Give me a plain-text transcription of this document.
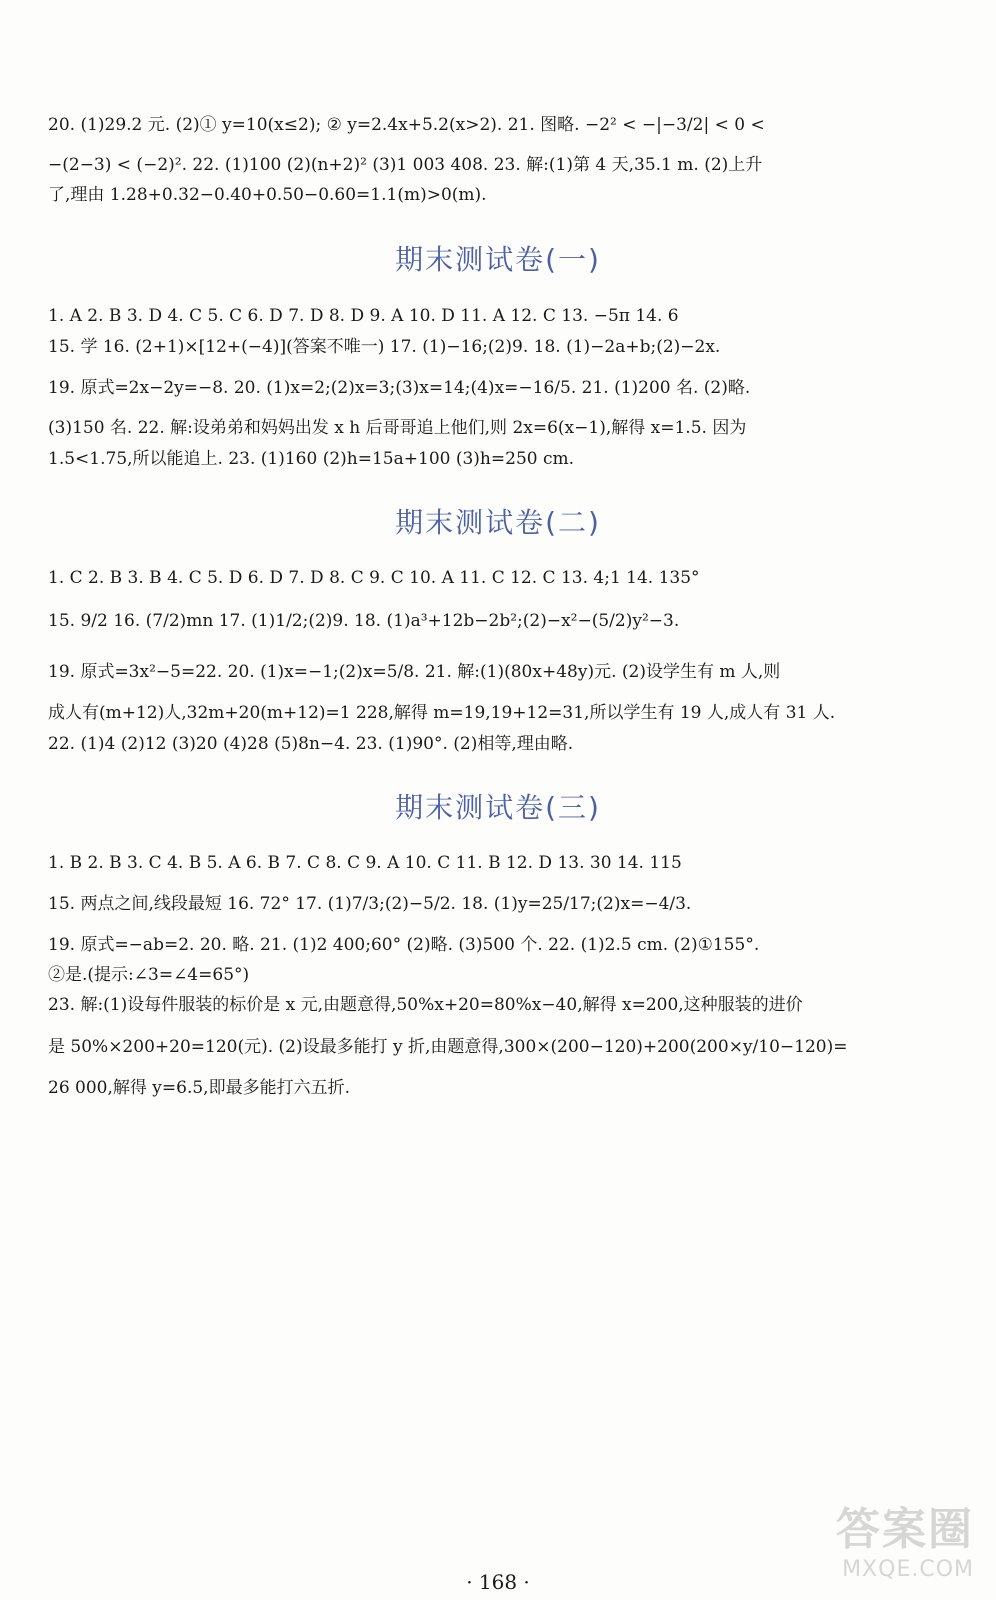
20. (1)29.2 元. (2)① y=10(x≤2); ② y=2.4x+5.2(x>2). 21. 图略. −2² < −|−3/2| < 0 <
−(2−3) < (−2)². 22. (1)100 (2)(n+2)² (3)1 003 408. 23. 解:(1)第 4 天,35.1 m. (2)上升
了,理由 1.28+0.32−0.40+0.50−0.60=1.1(m)>0(m).
期末测试卷(一)
1. A 2. B 3. D 4. C 5. C 6. D 7. D 8. D 9. A 10. D 11. A 12. C 13. −5π 14. 6
15. 学 16. (2+1)×[12+(−4)](答案不唯一) 17. (1)−16;(2)9. 18. (1)−2a+b;(2)−2x.
19. 原式=2x−2y=−8. 20. (1)x=2;(2)x=3;(3)x=14;(4)x=−16/5. 21. (1)200 名. (2)略.
(3)150 名. 22. 解:设弟弟和妈妈出发 x h 后哥哥追上他们,则 2x=6(x−1),解得 x=1.5. 因为
1.5<1.75,所以能追上. 23. (1)160 (2)h=15a+100 (3)h=250 cm.
期末测试卷(二)
1. C 2. B 3. B 4. C 5. D 6. D 7. D 8. C 9. C 10. A 11. C 12. C 13. 4;1 14. 135°
15. 9/2 16. (7/2)mn 17. (1)1/2;(2)9. 18. (1)a³+12b−2b²;(2)−x²−(5/2)y²−3.
19. 原式=3x²−5=22. 20. (1)x=−1;(2)x=5/8. 21. 解:(1)(80x+48y)元. (2)设学生有 m 人,则
成人有(m+12)人,32m+20(m+12)=1 228,解得 m=19,19+12=31,所以学生有 19 人,成人有 31 人.
22. (1)4 (2)12 (3)20 (4)28 (5)8n−4. 23. (1)90°. (2)相等,理由略.
期末测试卷(三)
1. B 2. B 3. C 4. B 5. A 6. B 7. C 8. C 9. A 10. C 11. B 12. D 13. 30 14. 115
15. 两点之间,线段最短 16. 72° 17. (1)7/3;(2)−5/2. 18. (1)y=25/17;(2)x=−4/3.
19. 原式=−ab=2. 20. 略. 21. (1)2 400;60° (2)略. (3)500 个. 22. (1)2.5 cm. (2)①155°.
②是.(提示:∠3=∠4=65°)
23. 解:(1)设每件服装的标价是 x 元,由题意得,50%x+20=80%x−40,解得 x=200,这种服装的进价
是 50%×200+20=120(元). (2)设最多能打 y 折,由题意得,300×(200−120)+200(200×y/10−120)=
26 000,解得 y=6.5,即最多能打六五折.
· 168 ·
答案圈
MXQE.COM
